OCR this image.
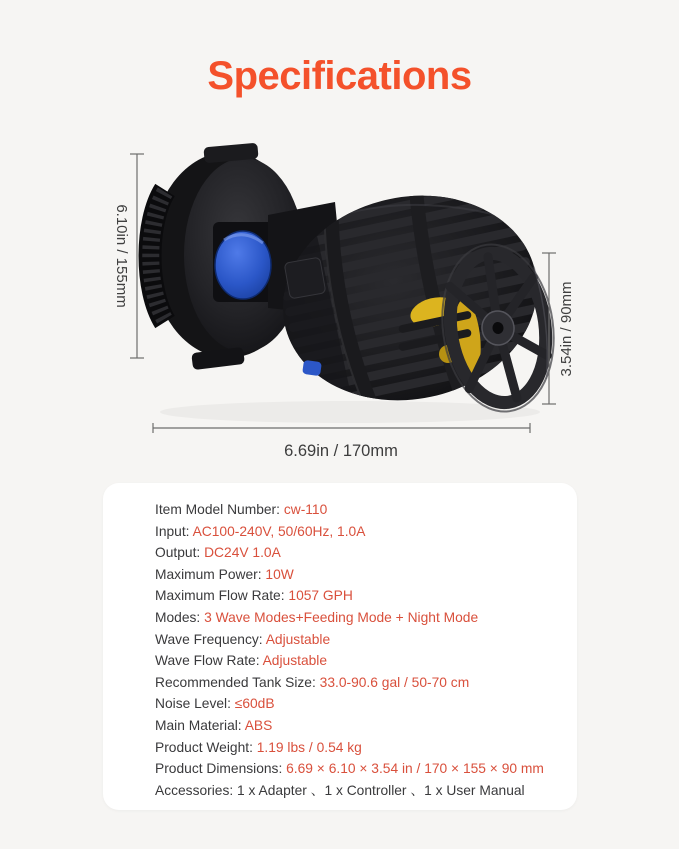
Specifications
6.10in / 155mm
3.54in / 90mm
6.69in / 170mm
Item Model Number: cw-110
Input: AC100-240V, 50/60Hz, 1.0A
Output: DC24V 1.0A
Maximum Power: 10W
Maximum Flow Rate: 1057 GPH
Modes: 3 Wave Modes+Feeding Mode + Night Mode
Wave Frequency: Adjustable
Wave Flow Rate: Adjustable
Recommended Tank Size: 33.0-90.6 gal / 50-70 cm
Noise Level: ≤60dB
Main Material: ABS
Product Weight: 1.19 lbs / 0.54 kg
Product Dimensions: 6.69 × 6.10 × 3.54 in / 170 × 155 × 90 mm
Accessories: 1 x Adapter 、1 x Controller 、1 x User Manual
